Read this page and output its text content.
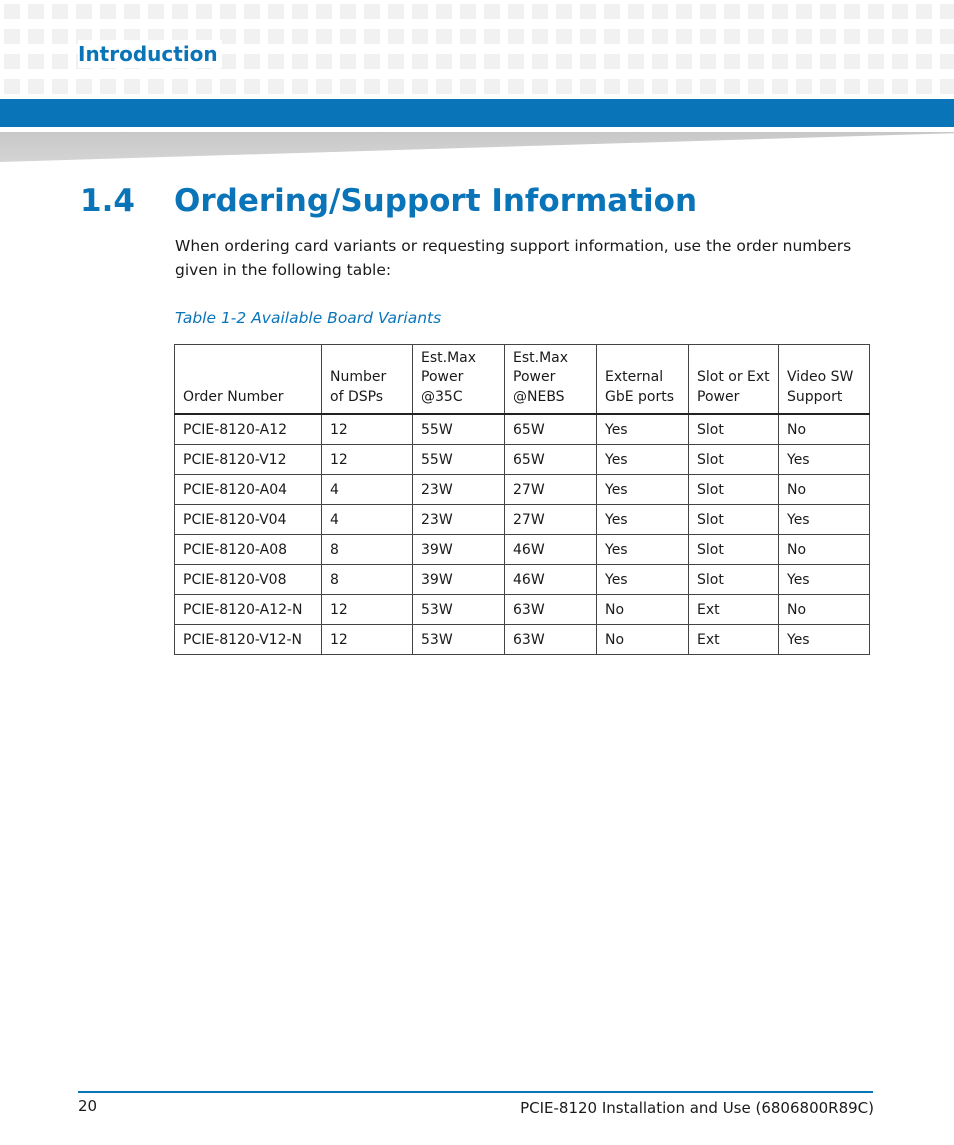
Introduction
1.4 Ordering/Support Information
When ordering card variants or requesting support information, use the order numbers given in the following table:
Table 1-2 Available Board Variants
Order Number	Number of DSPs	Est.Max Power @35C	Est.Max Power @NEBS	External GbE ports	Slot or Ext Power	Video SW Support
PCIE-8120-A12	12	55W	65W	Yes	Slot	No
PCIE-8120-V12	12	55W	65W	Yes	Slot	Yes
PCIE-8120-A04	4	23W	27W	Yes	Slot	No
PCIE-8120-V04	4	23W	27W	Yes	Slot	Yes
PCIE-8120-A08	8	39W	46W	Yes	Slot	No
PCIE-8120-V08	8	39W	46W	Yes	Slot	Yes
PCIE-8120-A12-N	12	53W	63W	No	Ext	No
PCIE-8120-V12-N	12	53W	63W	No	Ext	Yes
20	PCIE-8120 Installation and Use (6806800R89C)
